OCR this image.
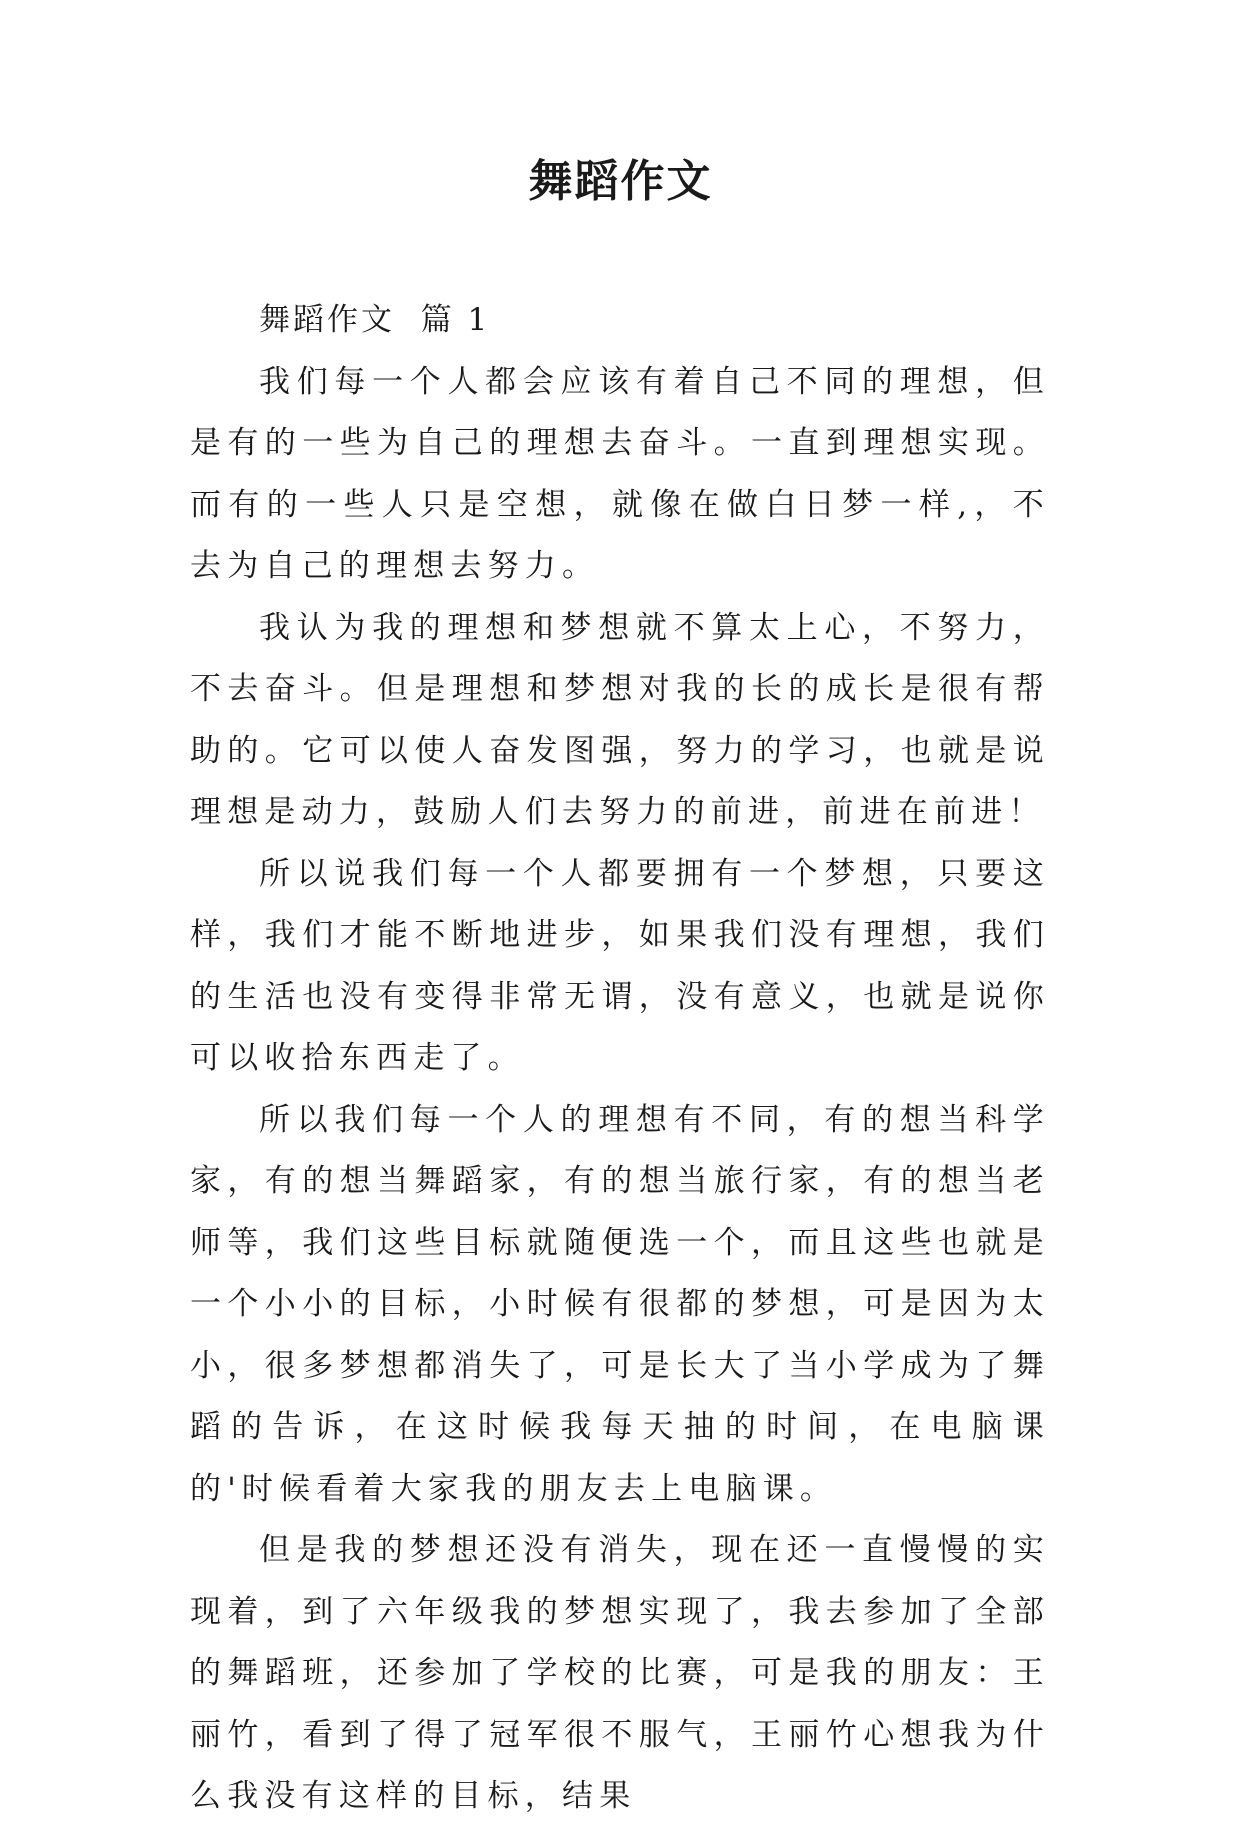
舞蹈作文

舞蹈作文  篇 1

我们每一个人都会应该有着自己不同的理想，但是有的一些为自己的理想去奋斗。一直到理想实现。而有的一些人只是空想，就像在做白日梦一样,，不去为自己的理想去努力。

我认为我的理想和梦想就不算太上心，不努力，不去奋斗。但是理想和梦想对我的长的成长是很有帮助的。它可以使人奋发图强，努力的学习，也就是说理想是动力，鼓励人们去努力的前进，前进在前进！

所以说我们每一个人都要拥有一个梦想，只要这样，我们才能不断地进步，如果我们没有理想，我们的生活也没有变得非常无谓，没有意义，也就是说你可以收拾东西走了。

所以我们每一个人的理想有不同，有的想当科学家，有的想当舞蹈家，有的想当旅行家，有的想当老师等，我们这些目标就随便选一个，而且这些也就是一个小小的目标，小时候有很都的梦想，可是因为太小，很多梦想都消失了，可是长大了当小学成为了舞蹈的告诉，在这时候我每天抽的时间，在电脑课的'时候看着大家我的朋友去上电脑课。

但是我的梦想还没有消失，现在还一直慢慢的实现着，到了六年级我的梦想实现了，我去参加了全部的舞蹈班，还参加了学校的比赛，可是我的朋友：王丽竹，看到了得了冠军很不服气，王丽竹心想我为什么我没有这样的目标，结果
